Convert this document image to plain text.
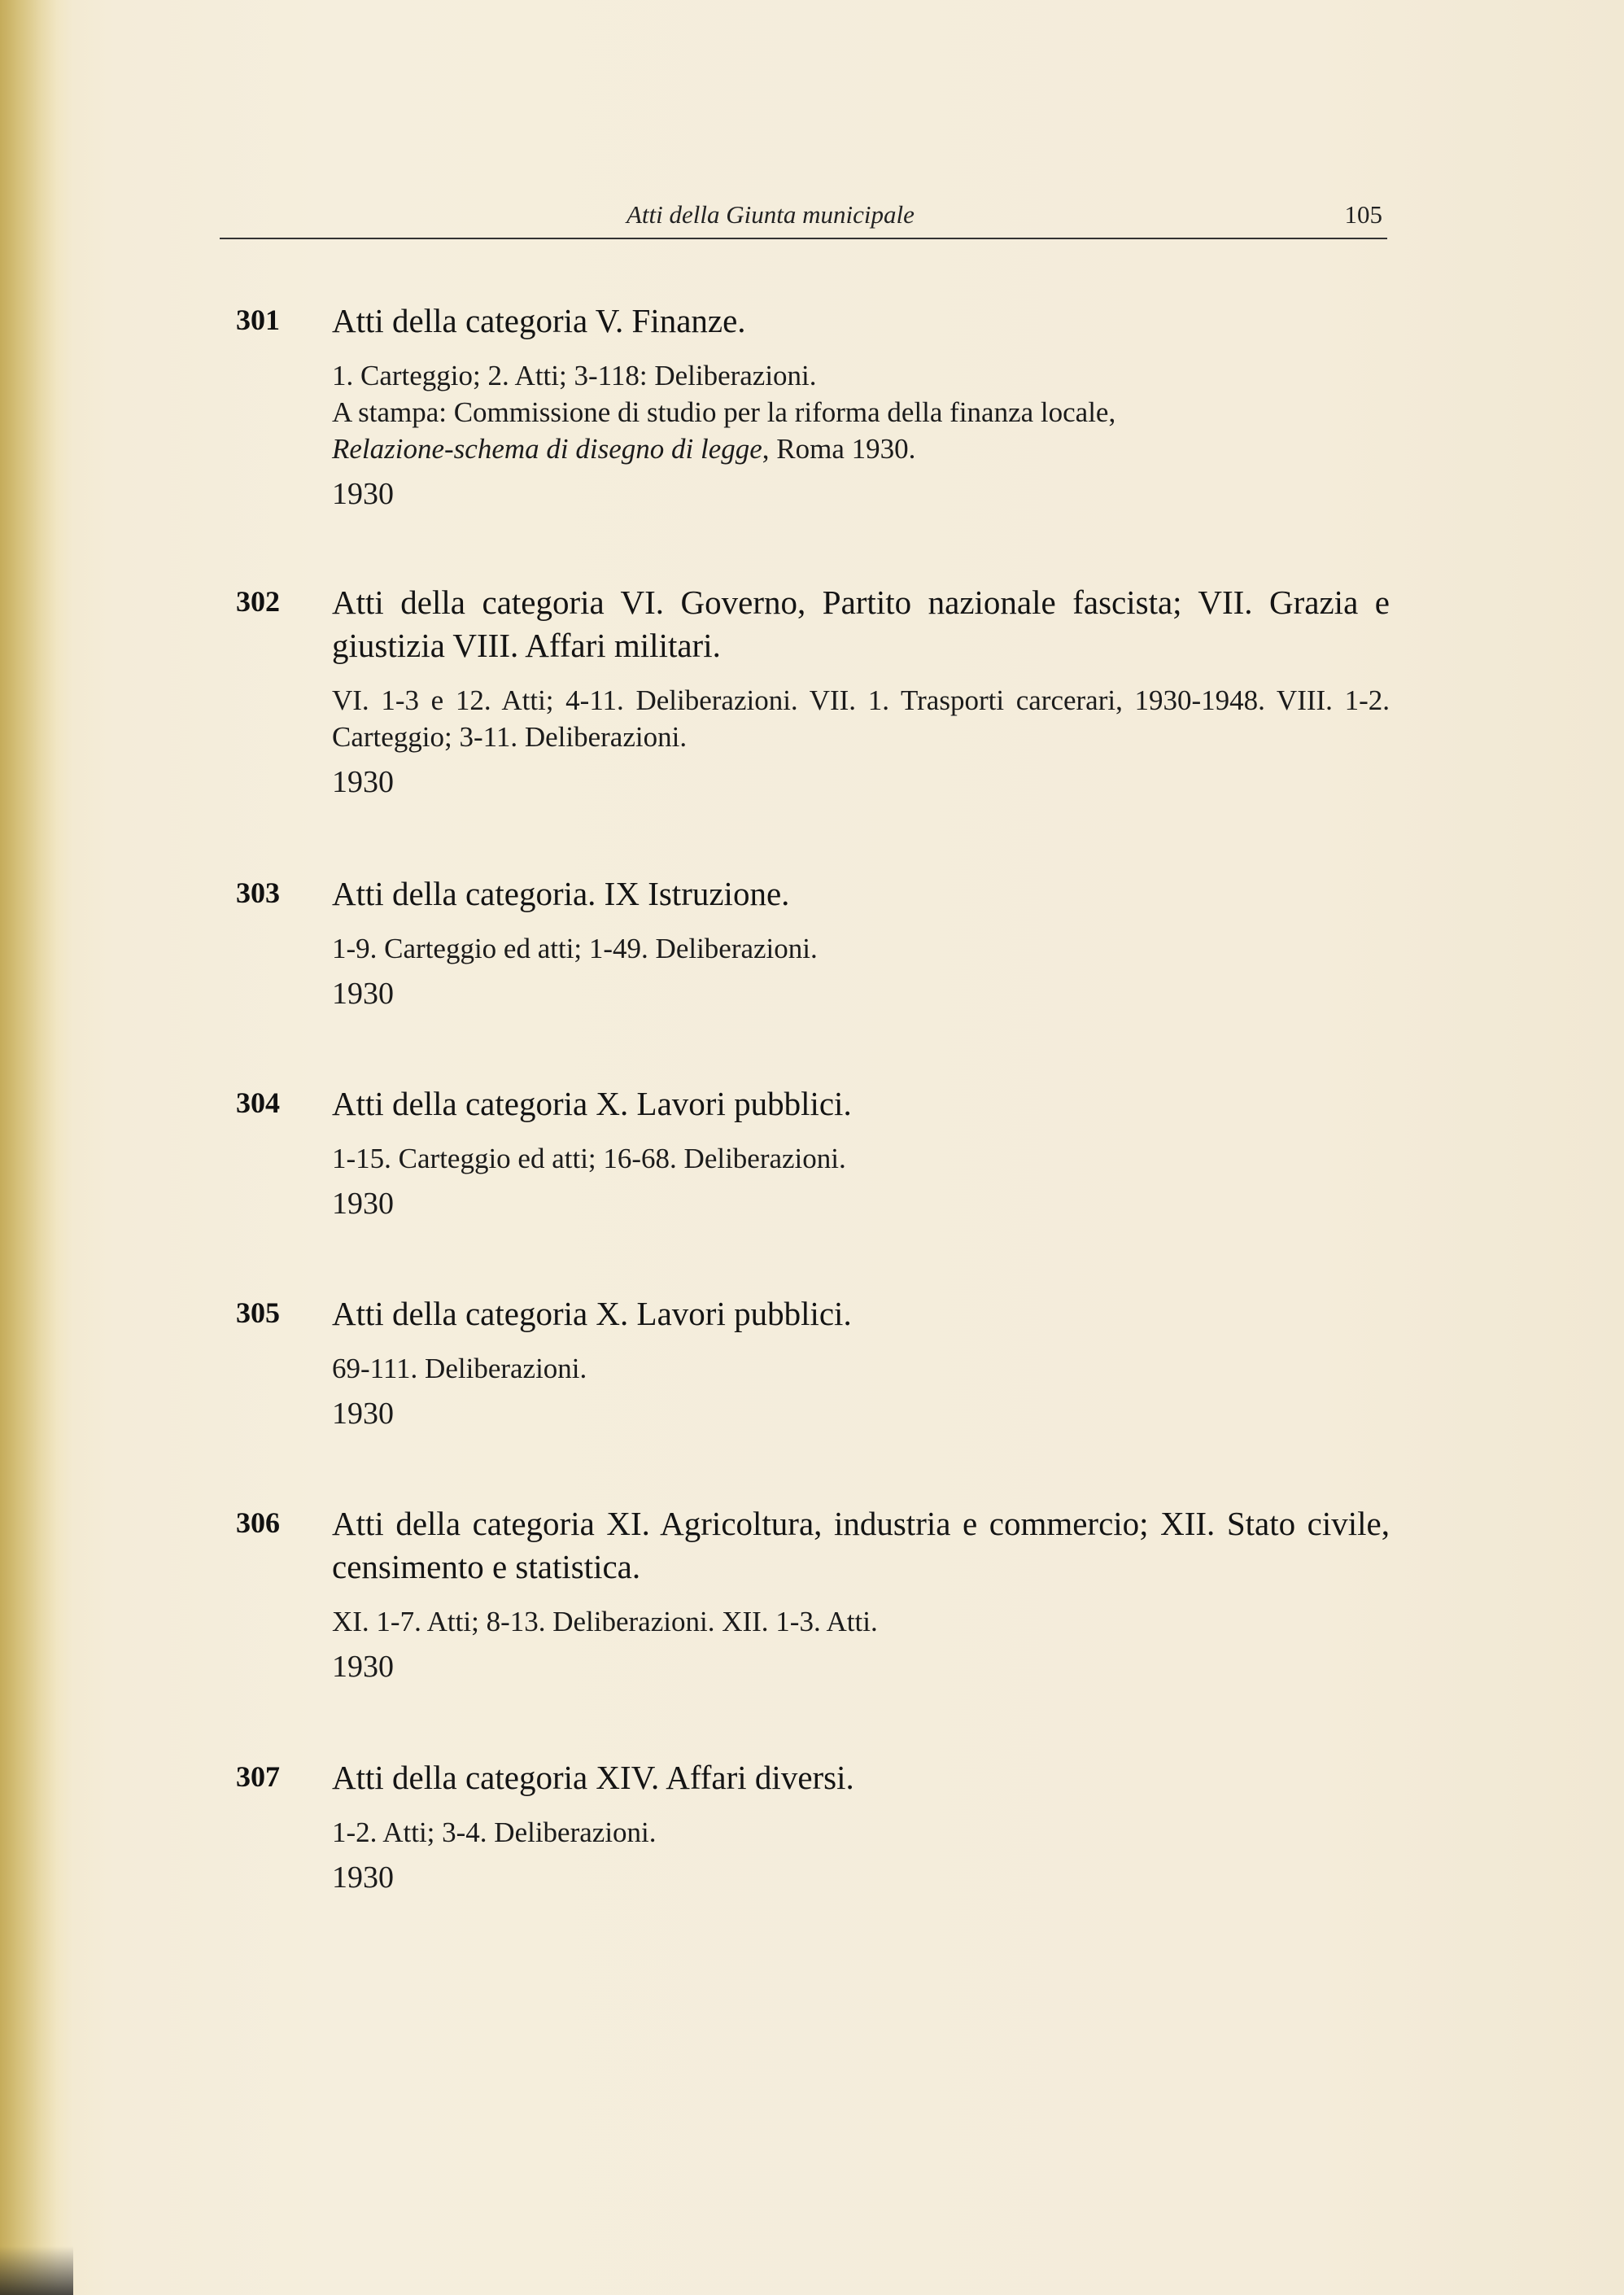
Atti della Giunta municipale	105
301 Atti della categoria V. Finanze.

1. Carteggio; 2. Atti; 3-118: Deliberazioni.

A stampa: Commissione di studio per la riforma della finanza locale,

Relazione-schema di disegno di legge, Roma 1930.

1930
302 Atti della categoria VI. Governo, Partito nazionale fascista; VII. Grazia e giustizia VIII. Affari militari.

VI. 1-3 e 12. Atti; 4-11. Deliberazioni. VII. 1. Trasporti carcerari, 1930-1948. VIII. 1-2. Carteggio; 3-11. Deliberazioni.
1930
303 Atti della categoria. IX Istruzione.

1-9. Carteggio ed atti; 1-49. Deliberazioni.
1930
304 Atti della categoria X. Lavori pubblici.

1-15. Carteggio ed atti; 16-68. Deliberazioni.
1930
305 Atti della categoria X. Lavori pubblici.

69-111. Deliberazioni.
1930
306 Atti della categoria XI. Agricoltura, industria e commercio; XII. Stato civile, censimento e statistica.

XI. 1-7. Atti; 8-13. Deliberazioni. XII. 1-3. Atti.
1930
307 Atti della categoria XIV. Affari diversi.

1-2. Atti; 3-4. Deliberazioni.
1930
